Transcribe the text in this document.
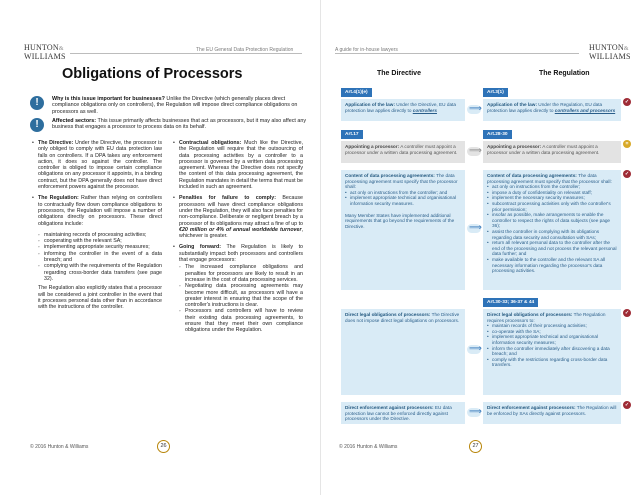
HUNTON&
WILLIAMS
The EU General Data Protection Regulation
Obligations of Processors
!	Why is this issue important for businesses? Unlike the Directive (which generally places direct compliance obligations only on controllers), the Regulation will impose direct compliance obligations on processors as well.

!	Affected sectors: This issue primarily affects businesses that act as processors, but it may also affect any business that engages a processor to process data on its behalf.

• The Directive: Under the Directive, the processor is only obliged to comply with EU data protection law falls on controllers. If a DPA takes any enforcement action, it does so against the controller. The controller is obliged to impose certain compliance obligations on any processor it appoints, in a binding contract, but the DPA generally does not have direct enforcement powers against the processor.

• The Regulation: Rather than relying on controllers to contractually flow down compliance obligations to processors, the Regulation will impose a number of obligations directly on processors. These direct obligations include:

▫ maintaining records of processing activities;
▫ cooperating with the relevant SA;
▫ implementing appropriate security measures;
▫ informing the controller in the event of a data breach; and
▫ complying with the requirements of the Regulation regarding cross-border data transfers (see page 32).

The Regulation also explicitly states that a processor will be considered a joint controller in the event that it processes personal data other than in accordance with the instructions of the controller.

• Contractual obligations: Much like the Directive, the Regulation will require that the outsourcing of data processing activities by a controller to a processor is governed by a written data processing agreement. Whereas the Directive does not specify the content of this data processing agreement, the Regulation mandates in detail the terms that must be included in such an agreement.

• Penalties for failure to comply: Because processors will have direct compliance obligations under the Regulation, they will also face penalties for non-compliance. Deliberate or negligent breach by a processor of its obligations may attract a fine of up to €20 million or 4% of annual worldwide turnover, whichever is greater.

• Going forward: The Regulation is likely to substantially impact both processors and controllers that engage processors:

▫ The increased compliance obligations and penalties for processors are likely to result in an increase in the cost of data processing services.
▫ Negotiating data processing agreements may become more difficult, as processors will have a greater interest in ensuring that the scope of the controller's instructions is clear.
▫ Processors and controllers will have to review their existing data processing agreements, to ensure that they meet their own compliance obligations under the Regulation.
© 2016 Hunton & Williams	26
A guide for in-house lawyers	HUNTON&
WILLIAMS
The Directive	The Regulation
Art.4(1)(e)	Art.3(1)
Application of the law: Under the Directive, EU data protection law applies directly to controllers
⟹
Application of the law: Under the Regulation, EU data protection law applies directly to controllers and processors
✓
Art.17	Art.28-30
Appointing a processor: A controller must appoint a processor under a written data processing agreement.
⟹
Appointing a processor: A controller must appoint a processor under a written data processing agreement.
=
Content of data processing agreements: The data processing agreement must specify that the processor shall:
• act only on instructions from the controller; and
• implement appropriate technical and organisational information security measures.

Many Member States have implemented additional requirements that go beyond the requirements of the Directive.

⟹
Content of data processing agreements: The data processing agreement must specify that the processor shall:
• act only on instructions from the controller;
• impose a duty of confidentiality on relevant staff;
• implement the necessary security measures;
• subcontract processing activities only with the controller's prior permission;
• insofar as possible, make arrangements to enable the controller to respect the rights of data subjects (see page 36);
• assist the controller in complying with its obligations regarding data security and consultation with SAs;
• return all relevant personal data to the controller after the end of the processing and not process the relevant personal data further; and
• make available to the controller and the relevant SA all necessary information regarding the processor's data processing activities.
✓
Art.30-33; 36-37 & 44
Direct legal obligations of processors: The Directive does not impose direct legal obligations on processors.
⟹
Direct legal obligations of processors: The Regulation requires processors to:
• maintain records of their processing activities;
• co-operate with the SA;
• implement appropriate technical and organisational information security measures;
• inform the controller immediately after discovering a data breach; and
• comply with the restrictions regarding cross-border data transfers.
✓
Direct enforcement against processors: EU data protection law cannot be enforced directly against processors under the Directive.
⟹
Direct enforcement against processors: The Regulation will be enforced by SAs directly against processors.
✓
© 2016 Hunton & Williams	27
